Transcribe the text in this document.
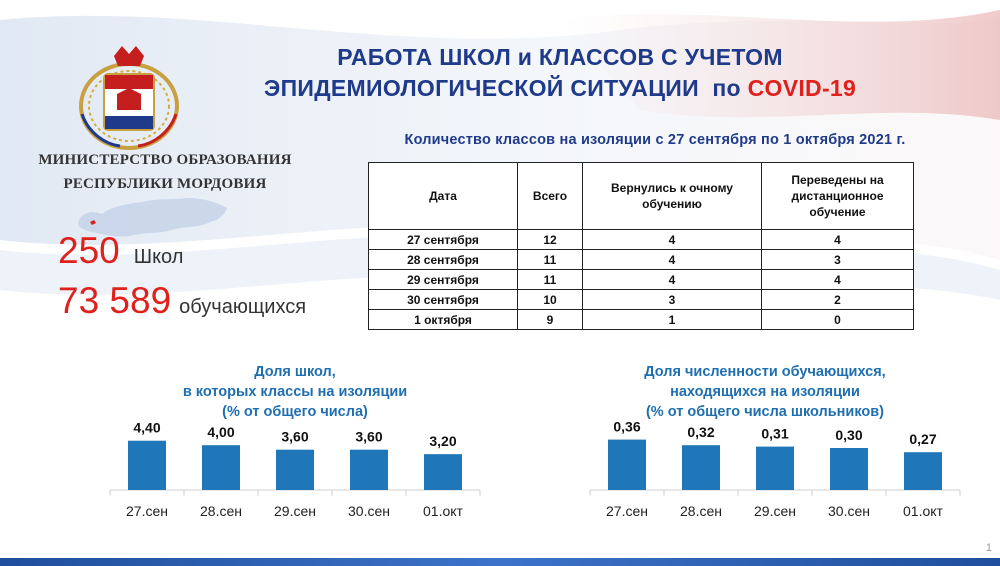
РАБОТА ШКОЛ и КЛАССОВ С УЧЕТОМ
ЭПИДЕМИОЛОГИЧЕСКОЙ СИТУАЦИИ по COVID-19
МИНИСТЕРСТВО ОБРАЗОВАНИЯ
РЕСПУБЛИКИ МОРДОВИЯ
250 Школ
73 589 обучающихся
Количество классов на изоляции с 27 сентября по 1 октября 2021 г.
Дата	Всего	Вернулись к очному обучению	Переведены на дистанционное обучение
27 сентября	12	4	4
28 сентября	11	4	3
29 сентября	11	4	4
30 сентября	10	3	2
1 октября	9	1	0
Доля школ,
в которых классы на изоляции
(% от общего числа)
Доля численности обучающихся,
находящихся на изоляции
(% от общего числа школьников)
4,40
27.сен
4,00
28.сен
3,60
29.сен
3,60
30.сен
3,20
01.окт
0,36
27.сен
0,32
28.сен
0,31
29.сен
0,30
30.сен
0,27
01.окт
1
